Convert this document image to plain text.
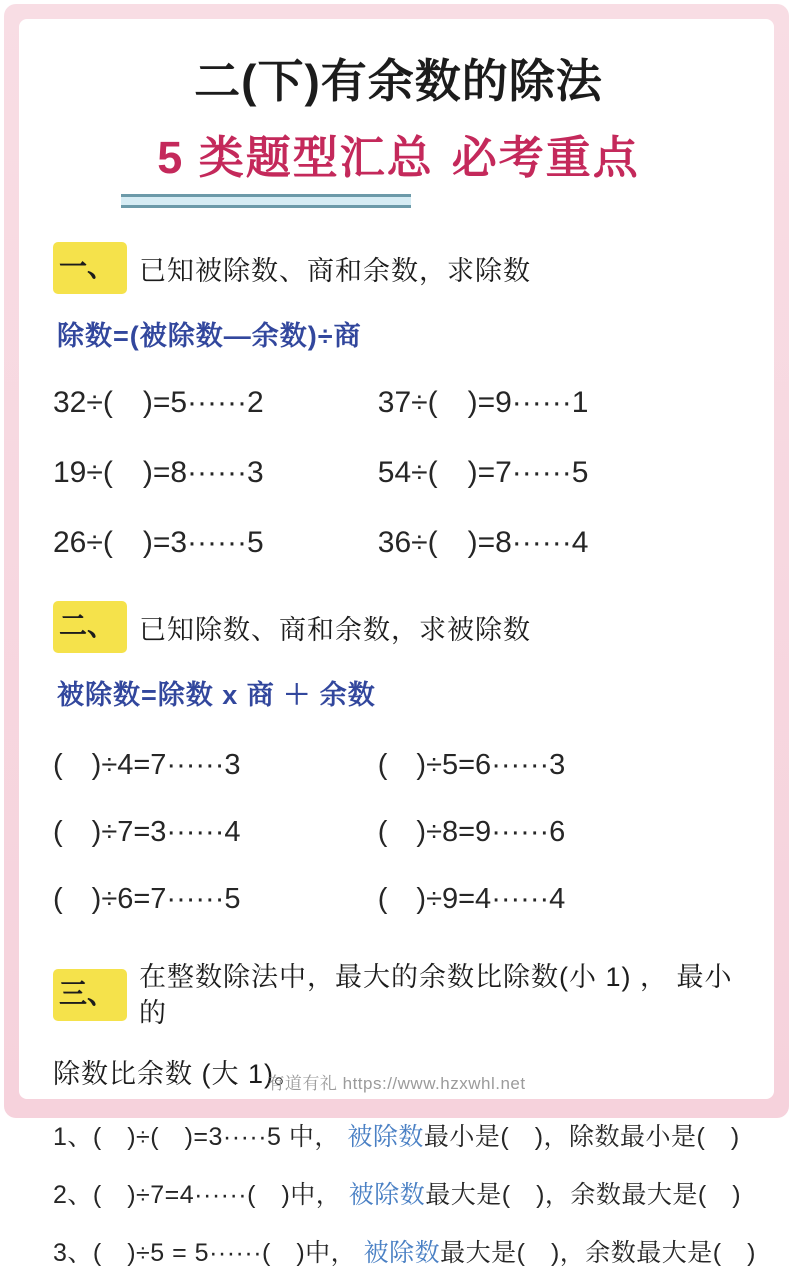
二(下)有余数的除法
5 类题型汇总 必考重点
一、 已知被除数、商和余数，求除数
除数=(被除数—余数)÷商
32÷(　)=5······2	37÷(　)=9······1
19÷(　)=8······3	54÷(　)=7······5
26÷(　)=3······5	36÷(　)=8······4
二、 已知除数、商和余数，求被除数
被除数=除数 x 商 ＋ 余数
(　)÷4=7······3	(　)÷5=6······3
(　)÷7=3······4	(　)÷8=9······6
(　)÷6=7······5	(　)÷9=4······4
三、
在整数除法中，最大的余数比除数(小 1) ， 最小的
除数比余数 (大 1)。
1、(　)÷(　)=3·····5 中， 被除数最小是(　)，除数最小是(　)
2、(　)÷7=4······(　)中， 被除数最大是(　)，余数最大是(　)
3、(　)÷5 = 5······(　)中， 被除数最大是(　)，余数最大是(　)
有道有礼 https://www.hzxwhl.net
